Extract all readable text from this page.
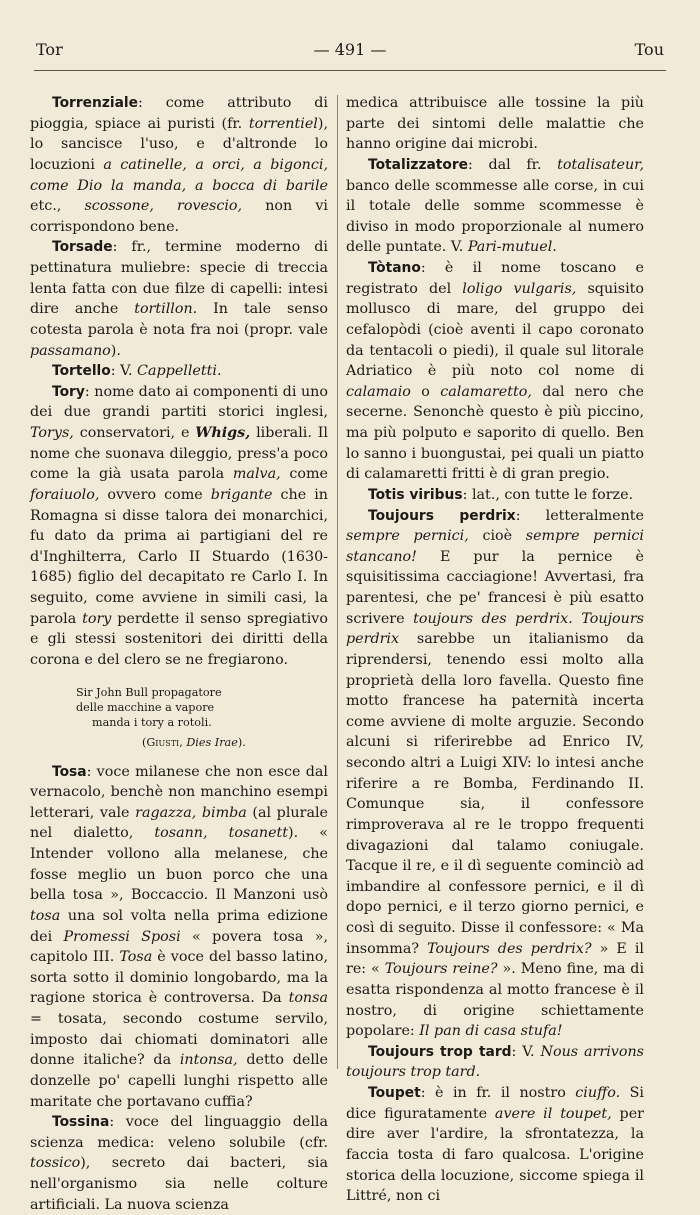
Tor	— 491 —	Tou

Torrenziale: come attributo di pioggia, spiace ai puristi (fr. torrentiel), lo sancisce l'uso, e d'altronde lo locuzioni a catinelle, a orci, a bigonci, come Dio la manda, a bocca di barile etc., scossone, rovescio, non vi corrispondono bene.

Torsade: fr., termine moderno di pettinatura muliebre: specie di treccia lenta fatta con due filze di capelli: intesi dire anche tortillon. In tale senso cotesta parola è nota fra noi (propr. vale passamano).

Tortello: V. Cappelletti.

Tory: nome dato ai componenti di uno dei due grandi partiti storici inglesi, Torys, conservatori, e Whigs, liberali. Il nome che suonava dileggio, press'a poco come la già usata parola malva, come foraiuolo, ovvero come brigante che in Romagna si disse talora dei monarchici, fu dato da prima ai partigiani del re d'Inghilterra, Carlo II Stuardo (1630-1685) figlio del decapitato re Carlo I. In seguito, come avviene in simili casi, la parola tory perdette il senso spregiativo e gli stessi sostenitori dei diritti della corona e del clero se ne fregiarono.

Sir John Bull propagatore
delle macchine a vapore
manda i tory a rotoli.
(Giusti, Dies Irae).

Tosa: voce milanese che non esce dal vernacolo, benchè non manchino esempi letterari, vale ragazza, bimba (al plurale nel dialetto, tosann, tosanett). « Intender vollono alla melanese, che fosse meglio un buon porco che una bella tosa », Boccaccio. Il Manzoni usò tosa una sol volta nella prima edizione dei Promessi Sposi « povera tosa », capitolo III. Tosa è voce del basso latino, sorta sotto il dominio longobardo, ma la ragione storica è controversa. Da tonsa = tosata, secondo costume servilo, imposto dai chiomati dominatori alle donne italiche? da intonsa, detto delle donzelle po' capelli lunghi rispetto alle maritate che portavano cuffia?

Tossina: voce del linguaggio della scienza medica: veleno solubile (cfr. tossico), secreto dai bacteri, sia nell'organismo sia nelle colture artificiali. La nuova scienza

medica attribuisce alle tossine la più parte dei sintomi delle malattie che hanno origine dai microbi.

Totalizzatore: dal fr. totalisateur, banco delle scommesse alle corse, in cui il totale delle somme scommesse è diviso in modo proporzionale al numero delle puntate. V. Pari-mutuel.

Tòtano: è il nome toscano e registrato del loligo vulgaris, squisito mollusco di mare, del gruppo dei cefalopòdi (cioè aventi il capo coronato da tentacoli o piedi), il quale sul litorale Adriatico è più noto col nome di calamaio o calamaretto, dal nero che secerne. Senonchè questo è più piccino, ma più polputo e saporito di quello. Ben lo sanno i buongustai, pei quali un piatto di calamaretti fritti è di gran pregio.

Totis viribus: lat., con tutte le forze.

Toujours perdrix: letteralmente sempre pernici, cioè sempre pernici stancano! E pur la pernice è squisitissima cacciagione! Avvertasi, fra parentesi, che pe' francesi è più esatto scrivere toujours des perdrix. Toujours perdrix sarebbe un italianismo da riprendersi, tenendo essi molto alla proprietà della loro favella. Questo fine motto francese ha paternità incerta come avviene di molte arguzie. Secondo alcuni si riferirebbe ad Enrico IV, secondo altri a Luigi XIV: lo intesi anche riferire a re Bomba, Ferdinando II. Comunque sia, il confessore rimproverava al re le troppo frequenti divagazioni dal talamo coniugale. Tacque il re, e il dì seguente cominciò ad imbandire al confessore pernici, e il dì dopo pernici, e il terzo giorno pernici, e così di seguito. Disse il confessore: « Ma insomma? Toujours des perdrix? » E il re: « Toujours reine? ». Meno fine, ma di esatta rispondenza al motto francese è il nostro, di origine schiettamente popolare: Il pan di casa stufa!

Toujours trop tard: V. Nous arrivons toujours trop tard.

Toupet: è in fr. il nostro ciuffo. Si dice figuratamente avere il toupet, per dire aver l'ardire, la sfrontatezza, la faccia tosta di faro qualcosa. L'origine storica della locuzione, siccome spiega il Littré, non ci
